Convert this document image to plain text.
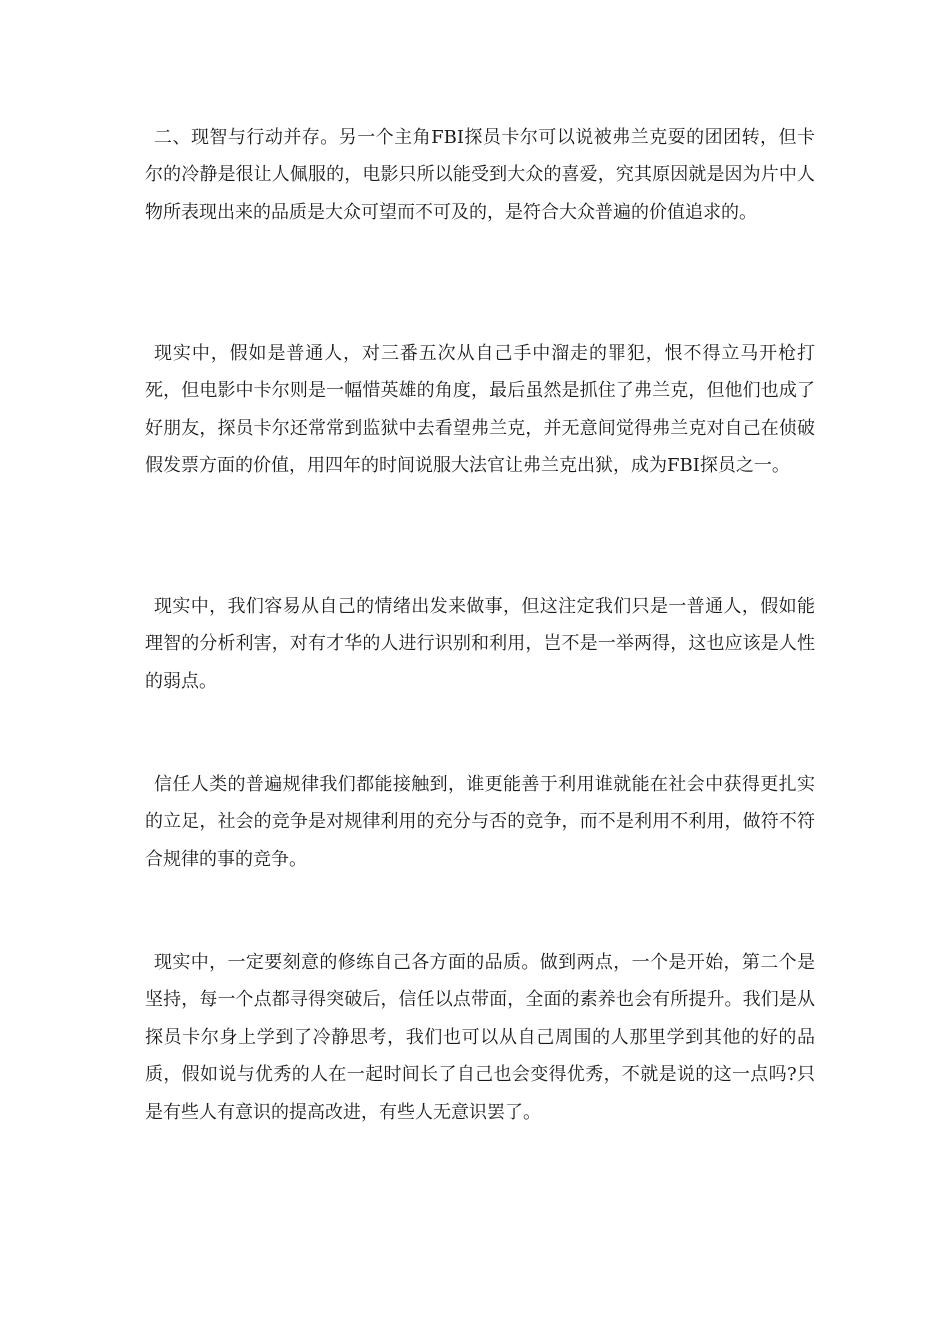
二、现智与行动并存。另一个主角FBI探员卡尔可以说被弗兰克耍的团团转，但卡尔的冷静是很让人佩服的，电影只所以能受到大众的喜爱，究其原因就是因为片中人物所表现出来的品质是大众可望而不可及的，是符合大众普遍的价值追求的。

现实中，假如是普通人，对三番五次从自己手中溜走的罪犯，恨不得立马开枪打死，但电影中卡尔则是一幅惜英雄的角度，最后虽然是抓住了弗兰克，但他们也成了好朋友，探员卡尔还常常到监狱中去看望弗兰克，并无意间觉得弗兰克对自己在侦破假发票方面的价值，用四年的时间说服大法官让弗兰克出狱，成为FBI探员之一。

现实中，我们容易从自己的情绪出发来做事，但这注定我们只是一普通人，假如能理智的分析利害，对有才华的人进行识别和利用，岂不是一举两得，这也应该是人性的弱点。

信任人类的普遍规律我们都能接触到，谁更能善于利用谁就能在社会中获得更扎实的立足，社会的竞争是对规律利用的充分与否的竞争，而不是利用不利用，做符不符合规律的事的竞争。

现实中，一定要刻意的修练自己各方面的品质。做到两点，一个是开始，第二个是坚持，每一个点都寻得突破后，信任以点带面，全面的素养也会有所提升。我们是从探员卡尔身上学到了冷静思考，我们也可以从自己周围的人那里学到其他的好的品质，假如说与优秀的人在一起时间长了自己也会变得优秀，不就是说的这一点吗?只是有些人有意识的提高改进，有些人无意识罢了。
